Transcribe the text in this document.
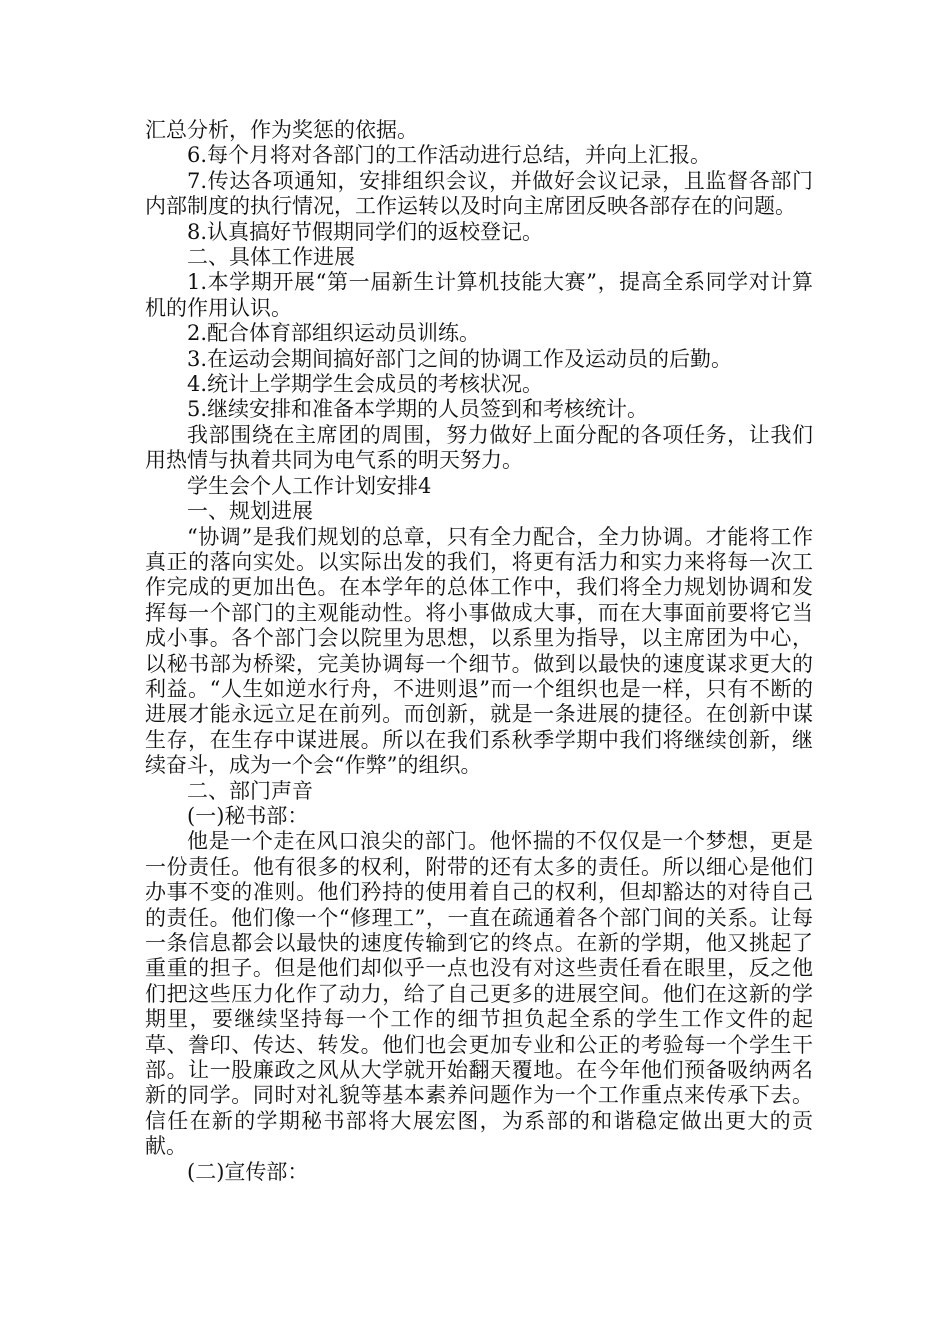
汇总分析，作为奖惩的依据。

6.每个月将对各部门的工作活动进行总结，并向上汇报。

7.传达各项通知，安排组织会议，并做好会议记录，且监督各部门内部制度的执行情况，工作运转以及时向主席团反映各部存在的问题。

8.认真搞好节假期同学们的返校登记。

二、具体工作进展

1.本学期开展“第一届新生计算机技能大赛”，提高全系同学对计算机的作用认识。

2.配合体育部组织运动员训练。

3.在运动会期间搞好部门之间的协调工作及运动员的后勤。

4.统计上学期学生会成员的考核状况。

5.继续安排和准备本学期的人员签到和考核统计。

我部围绕在主席团的周围，努力做好上面分配的各项任务，让我们用热情与执着共同为电气系的明天努力。

学生会个人工作计划安排4

一、规划进展

“协调”是我们规划的总章，只有全力配合，全力协调。才能将工作真正的落向实处。以实际出发的我们，将更有活力和实力来将每一次工作完成的更加出色。在本学年的总体工作中，我们将全力规划协调和发挥每一个部门的主观能动性。将小事做成大事，而在大事面前要将它当成小事。各个部门会以院里为思想，以系里为指导，以主席团为中心，以秘书部为桥梁，完美协调每一个细节。做到以最快的速度谋求更大的利益。“人生如逆水行舟，不进则退”而一个组织也是一样，只有不断的进展才能永远立足在前列。而创新，就是一条进展的捷径。在创新中谋生存，在生存中谋进展。所以在我们系秋季学期中我们将继续创新，继续奋斗，成为一个会“作弊”的组织。

二、部门声音

(一)秘书部：

他是一个走在风口浪尖的部门。他怀揣的不仅仅是一个梦想，更是一份责任。他有很多的权利，附带的还有太多的责任。所以细心是他们办事不变的准则。他们矜持的使用着自己的权利，但却豁达的对待自己的责任。他们像一个“修理工”，一直在疏通着各个部门间的关系。让每一条信息都会以最快的速度传输到它的终点。在新的学期，他又挑起了重重的担子。但是他们却似乎一点也没有对这些责任看在眼里，反之他们把这些压力化作了动力，给了自己更多的进展空间。他们在这新的学期里，要继续坚持每一个工作的细节担负起全系的学生工作文件的起草、誊印、传达、转发。他们也会更加专业和公正的考验每一个学生干部。让一股廉政之风从大学就开始翻天覆地。在今年他们预备吸纳两名新的同学。同时对礼貌等基本素养问题作为一个工作重点来传承下去。信任在新的学期秘书部将大展宏图，为系部的和谐稳定做出更大的贡献。

(二)宣传部：
